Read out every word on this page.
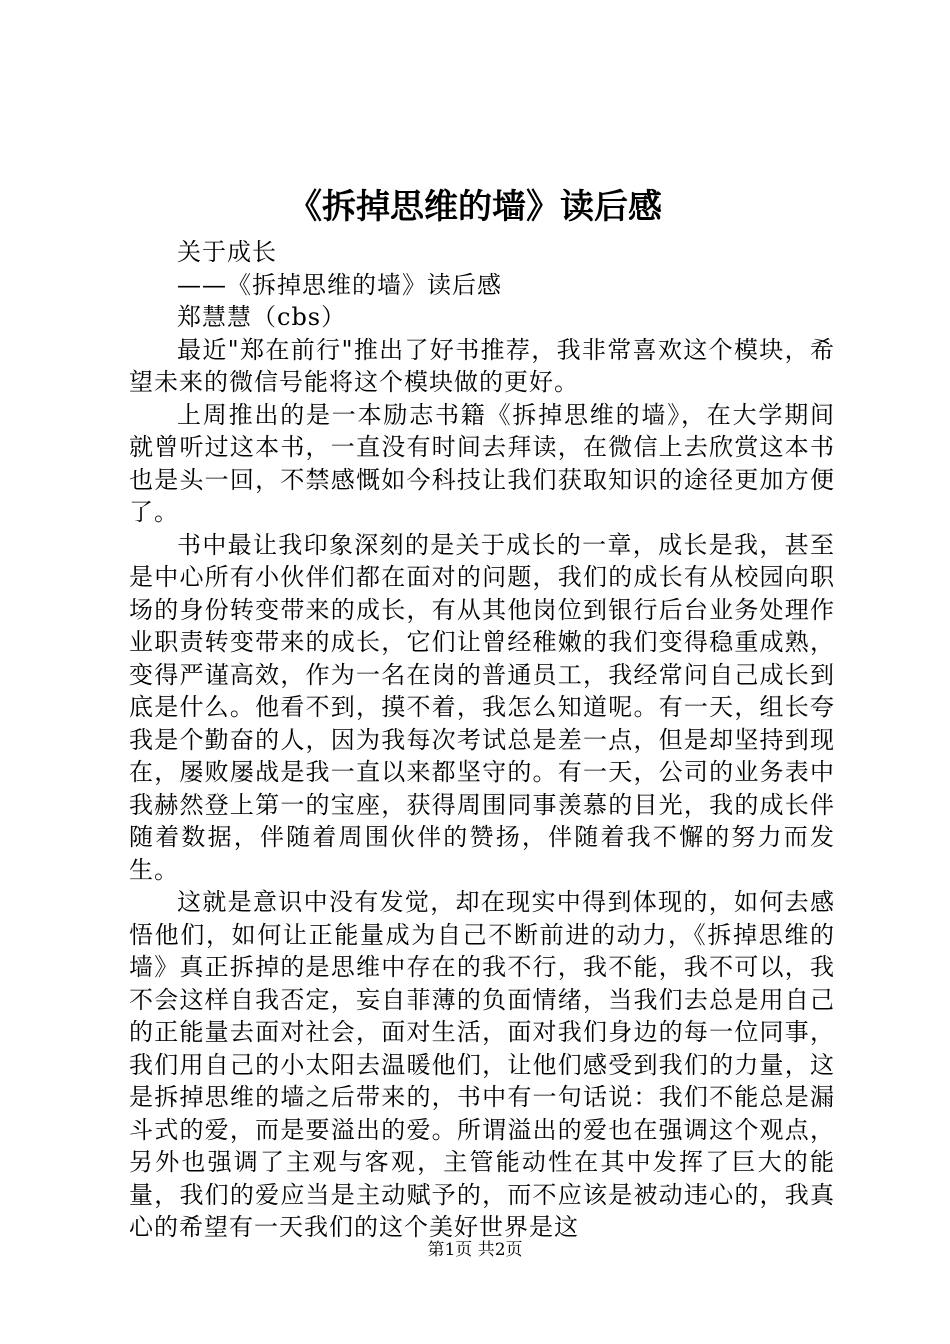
《拆掉思维的墙》读后感

关于成长

——《拆掉思维的墙》读后感

郑慧慧（cbs）

最近"郑在前行"推出了好书推荐，我非常喜欢这个模块，希望未来的微信号能将这个模块做的更好。

上周推出的是一本励志书籍《拆掉思维的墙》，在大学期间就曾听过这本书，一直没有时间去拜读，在微信上去欣赏这本书也是头一回，不禁感慨如今科技让我们获取知识的途径更加方便了。

书中最让我印象深刻的是关于成长的一章，成长是我，甚至是中心所有小伙伴们都在面对的问题，我们的成长有从校园向职场的身份转变带来的成长，有从其他岗位到银行后台业务处理作业职责转变带来的成长，它们让曾经稚嫩的我们变得稳重成熟，变得严谨高效，作为一名在岗的普通员工，我经常问自己成长到底是什么。他看不到，摸不着，我怎么知道呢。有一天，组长夸我是个勤奋的人，因为我每次考试总是差一点，但是却坚持到现在，屡败屡战是我一直以来都坚守的。有一天，公司的业务表中我赫然登上第一的宝座，获得周围同事羡慕的目光，我的成长伴随着数据，伴随着周围伙伴的赞扬，伴随着我不懈的努力而发生。

这就是意识中没有发觉，却在现实中得到体现的，如何去感悟他们，如何让正能量成为自己不断前进的动力，《拆掉思维的墙》真正拆掉的是思维中存在的我不行，我不能，我不可以，我不会这样自我否定，妄自菲薄的负面情绪，当我们去总是用自己的正能量去面对社会，面对生活，面对我们身边的每一位同事，我们用自己的小太阳去温暖他们，让他们感受到我们的力量，这是拆掉思维的墙之后带来的，书中有一句话说：我们不能总是漏斗式的爱，而是要溢出的爱。所谓溢出的爱也在强调这个观点，另外也强调了主观与客观，主管能动性在其中发挥了巨大的能量，我们的爱应当是主动赋予的，而不应该是被动违心的，我真心的希望有一天我们的这个美好世界是这

第1页 共2页
